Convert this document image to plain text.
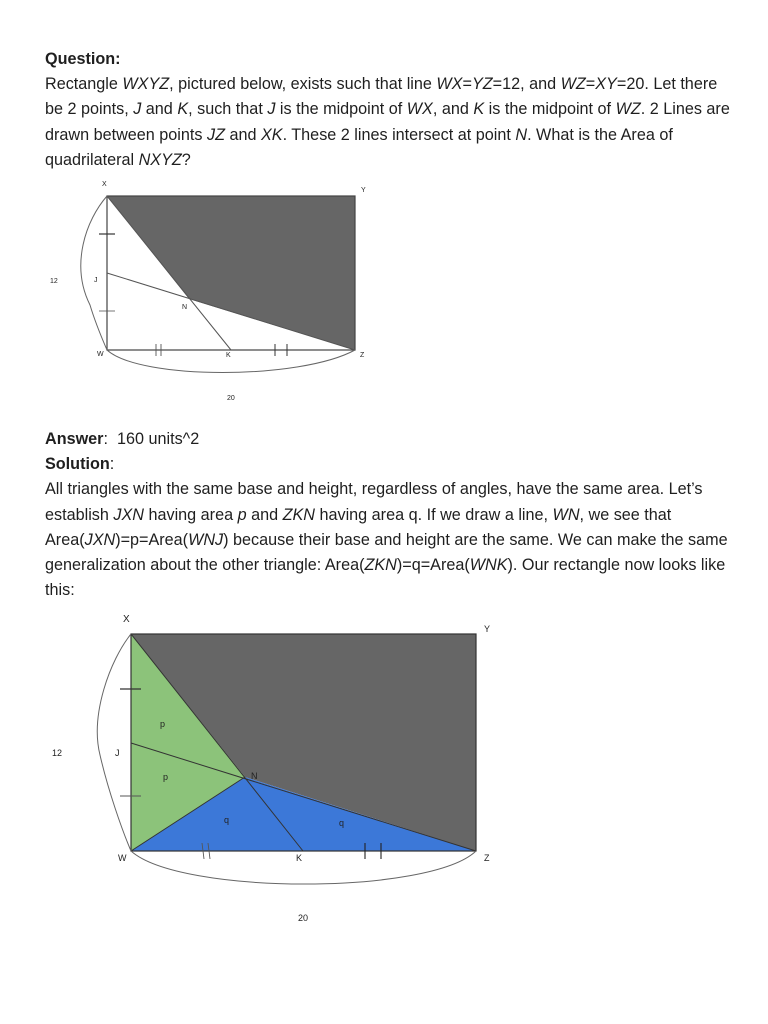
Question:

Rectangle WXYZ, pictured below, exists such that line WX=YZ=12, and WZ=XY=20. Let there be 2 points, J and K, such that J is the midpoint of WX, and K is the midpoint of WZ. 2 Lines are drawn between points JZ and XK. These 2 lines intersect at point N. What is the Area of quadrilateral NXYZ?

X
Y
W	Z
J
K
N
12
20

Answer: 160 units^2

Solution:

All triangles with the same base and height, regardless of angles, have the same area. Let’s establish JXN having area p and ZKN having area q. If we draw a line, WN, we see that Area(JXN)=p=Area(WNJ) because their base and height are the same. We can make the same generalization about the other triangle: Area(ZKN)=q=Area(WNK). Our rectangle now looks like this:

X
Y
W	Z
J
K
N
12
20
p
p
q	q
